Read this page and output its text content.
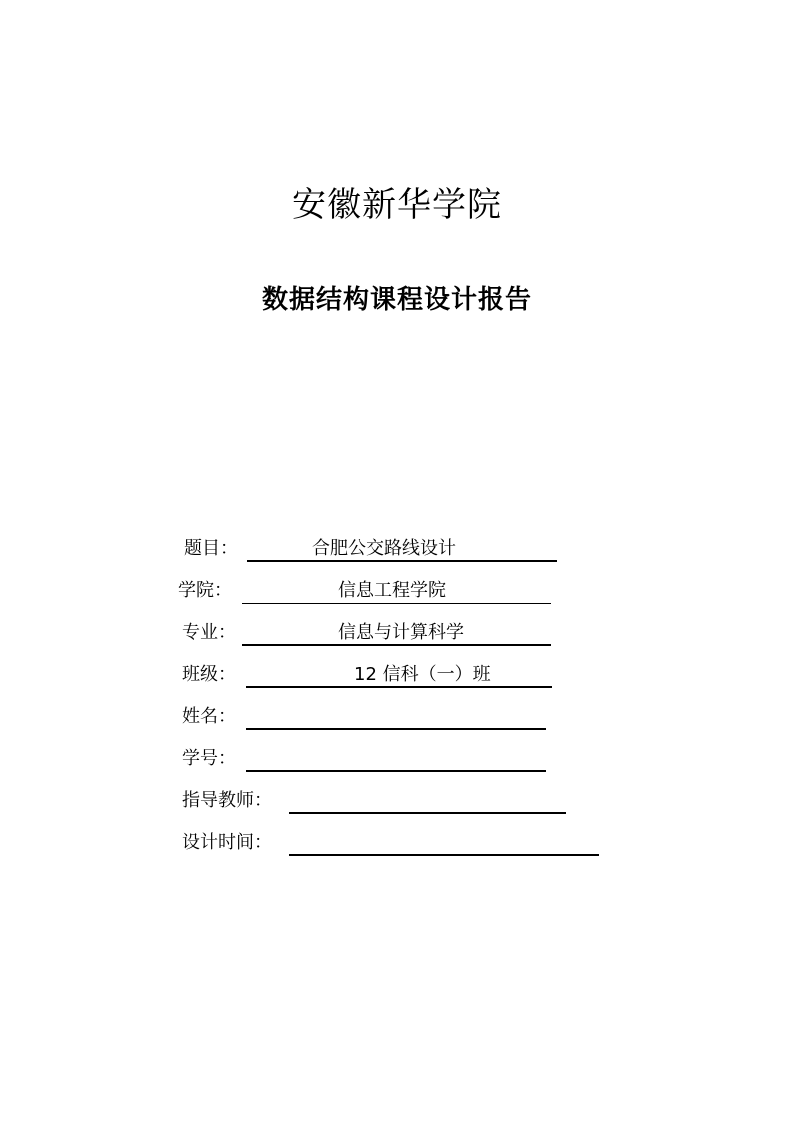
安徽新华学院
数据结构课程设计报告
题目：	合肥公交路线设计
学院：	信息工程学院
专业：	信息与计算科学
班级：	12 信科（一）班
姓名：
学号：
指导教师：
设计时间：
